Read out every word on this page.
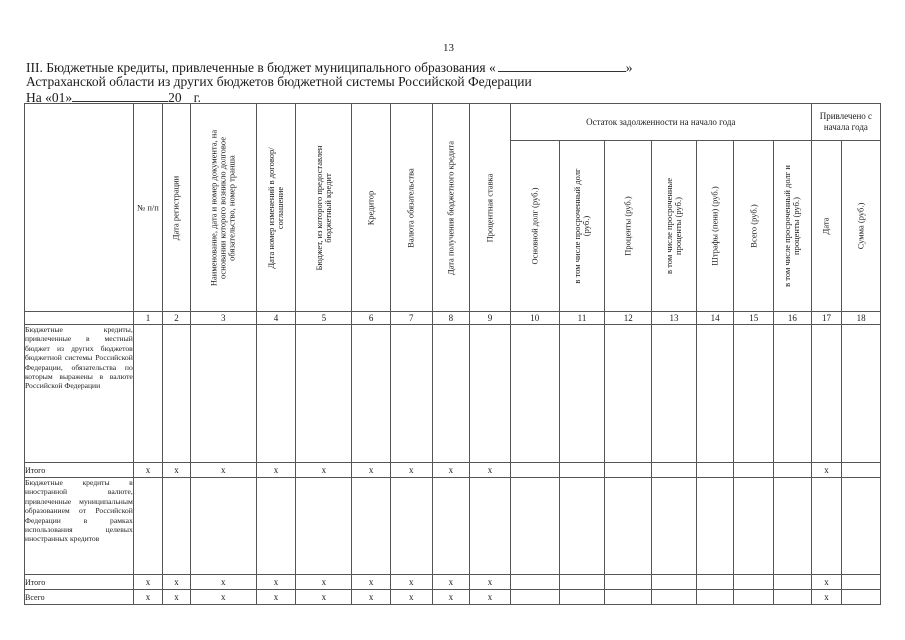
13
III. Бюджетные кредиты, привлеченные в бюджет муниципального образования «	»
Астраханской области из других бюджетов бюджетной системы Российской Федерации
На «01»	20 г.

	№ п/п	Дата регистрации	Наименование, дата и номер документа, на основании которого возникло долговое обязательство, номер траншa	Дата номер изменений в договор/соглашение	Бюджет, из которого предоставлен бюджетный кредит	Кредитор	Валюта обязательства	Дата получения бюджетного кредита	Процентная ставка	Остаток задолженности на начало года							Привлечено с начала года	

										Основной долг (руб.)	в том числе просроченный долг (руб.)	Проценты (руб.)	в том числе просроченные проценты (руб.)	Штрафы (пени) (руб.)	Всего (руб.)	в том числе просроченный долг и проценты (руб.)	Дата	Сумма (руб.)

	1	2	3	4	5	6	7	8	9	10	11	12	13	14	15	16	17	18
Бюджетные кредиты, привлеченные в местный бюджет из других бюджетов бюджетной системы Российской Федерации, обязательства по которым выражены в валюте Российской Федерации																		
Итого	x	x	x	x	x	x	x	x	x								x	
Бюджетные кредиты в иностранной валюте, привлеченные муниципальным образованием от Российской Федерации в рамках использования целевых иностранных кредитов																		
Итого	x	x	x	x	x	x	x	x	x								x	
Всего	x	x	x	x	x	x	x	x	x								x	
